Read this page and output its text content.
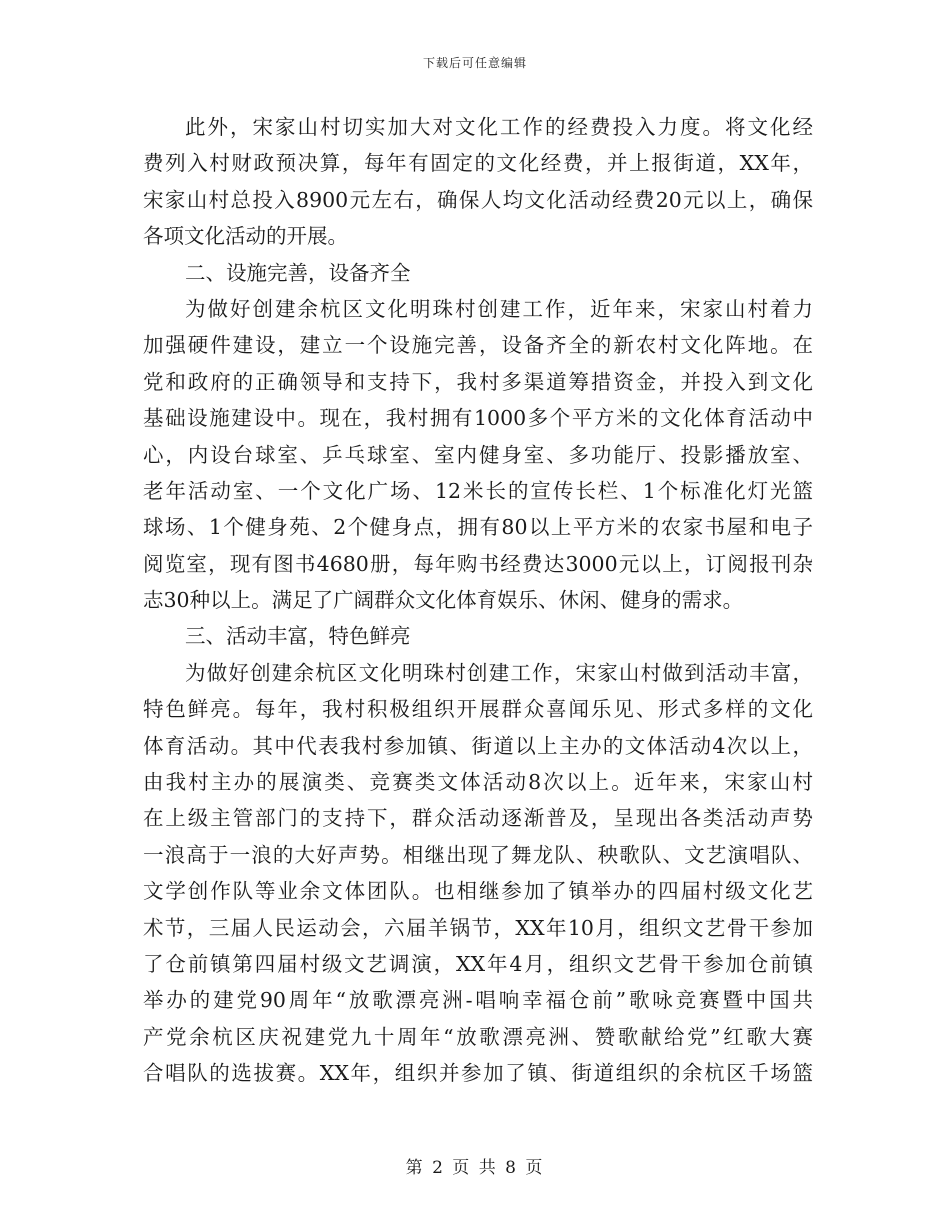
下载后可任意编辑
此外，宋家山村切实加大对文化工作的经费投入力度。将文化经
费列入村财政预决算，每年有固定的文化经费，并上报街道，XX年，
宋家山村总投入8900元左右，确保人均文化活动经费20元以上，确保
各项文化活动的开展。
二、设施完善，设备齐全
为做好创建余杭区文化明珠村创建工作，近年来，宋家山村着力
加强硬件建设，建立一个设施完善，设备齐全的新农村文化阵地。在
党和政府的正确领导和支持下，我村多渠道筹措资金，并投入到文化
基础设施建设中。现在，我村拥有1000多个平方米的文化体育活动中
心，内设台球室、乒乓球室、室内健身室、多功能厅、投影播放室、
老年活动室、一个文化广场、12米长的宣传长栏、1个标准化灯光篮
球场、1个健身苑、2个健身点，拥有80以上平方米的农家书屋和电子
阅览室，现有图书4680册，每年购书经费达3000元以上，订阅报刊杂
志30种以上。满足了广阔群众文化体育娱乐、休闲、健身的需求。
三、活动丰富，特色鲜亮
为做好创建余杭区文化明珠村创建工作，宋家山村做到活动丰富，
特色鲜亮。每年，我村积极组织开展群众喜闻乐见、形式多样的文化
体育活动。其中代表我村参加镇、街道以上主办的文体活动4次以上，
由我村主办的展演类、竞赛类文体活动8次以上。近年来，宋家山村
在上级主管部门的支持下，群众活动逐渐普及，呈现出各类活动声势
一浪高于一浪的大好声势。相继出现了舞龙队、秧歌队、文艺演唱队、
文学创作队等业余文体团队。也相继参加了镇举办的四届村级文化艺
术节，三届人民运动会，六届羊锅节，XX年10月，组织文艺骨干参加
了仓前镇第四届村级文艺调演，XX年4月，组织文艺骨干参加仓前镇
举办的建党90周年“放歌漂亮洲-唱响幸福仓前”歌咏竞赛暨中国共
产党余杭区庆祝建党九十周年“放歌漂亮洲、赞歌献给党”红歌大赛
合唱队的选拔赛。XX年，组织并参加了镇、街道组织的余杭区千场篮
第 2 页 共 8 页
